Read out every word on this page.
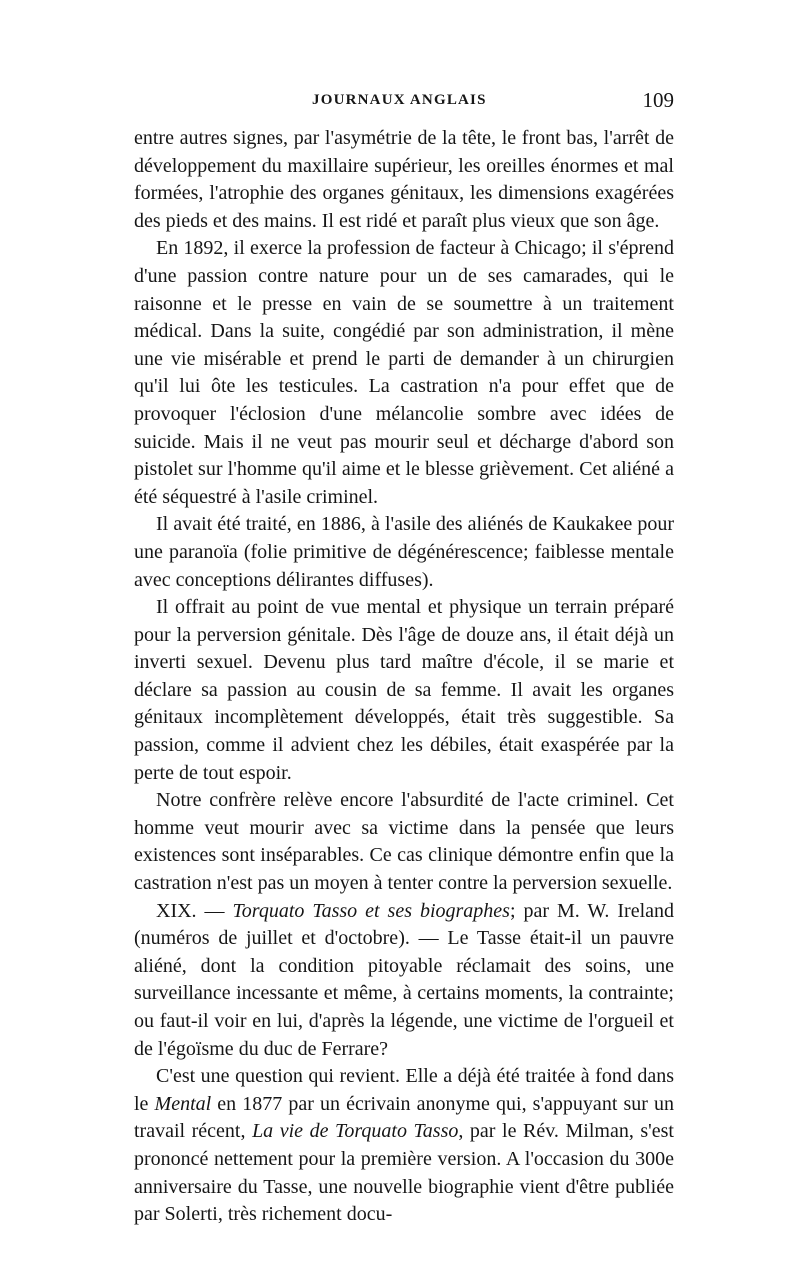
JOURNAUX ANGLAIS	109

entre autres signes, par l'asymétrie de la tête, le front bas, l'arrêt de développement du maxillaire supérieur, les oreilles énormes et mal formées, l'atrophie des organes génitaux, les dimensions exagérées des pieds et des mains. Il est ridé et paraît plus vieux que son âge.

En 1892, il exerce la profession de facteur à Chicago; il s'éprend d'une passion contre nature pour un de ses camarades, qui le raisonne et le presse en vain de se soumettre à un traitement médical. Dans la suite, congédié par son administration, il mène une vie misérable et prend le parti de demander à un chirurgien qu'il lui ôte les testicules. La castration n'a pour effet que de provoquer l'éclosion d'une mélancolie sombre avec idées de suicide. Mais il ne veut pas mourir seul et décharge d'abord son pistolet sur l'homme qu'il aime et le blesse grièvement. Cet aliéné a été séquestré à l'asile criminel.

Il avait été traité, en 1886, à l'asile des aliénés de Kaukakee pour une paranoïa (folie primitive de dégénérescence; faiblesse mentale avec conceptions délirantes diffuses).

Il offrait au point de vue mental et physique un terrain préparé pour la perversion génitale. Dès l'âge de douze ans, il était déjà un inverti sexuel. Devenu plus tard maître d'école, il se marie et déclare sa passion au cousin de sa femme. Il avait les organes génitaux incomplètement développés, était très suggestible. Sa passion, comme il advient chez les débiles, était exaspérée par la perte de tout espoir.

Notre confrère relève encore l'absurdité de l'acte criminel. Cet homme veut mourir avec sa victime dans la pensée que leurs existences sont inséparables. Ce cas clinique démontre enfin que la castration n'est pas un moyen à tenter contre la perversion sexuelle.

XIX. — Torquato Tasso et ses biographes; par M. W. Ireland (numéros de juillet et d'octobre). — Le Tasse était-il un pauvre aliéné, dont la condition pitoyable réclamait des soins, une surveillance incessante et même, à certains moments, la contrainte; ou faut-il voir en lui, d'après la légende, une victime de l'orgueil et de l'égoïsme du duc de Ferrare?

C'est une question qui revient. Elle a déjà été traitée à fond dans le Mental en 1877 par un écrivain anonyme qui, s'appuyant sur un travail récent, La vie de Torquato Tasso, par le Rév. Milman, s'est prononcé nettement pour la première version. A l'occasion du 300e anniversaire du Tasse, une nouvelle biographie vient d'être publiée par Solerti, très richement docu-
